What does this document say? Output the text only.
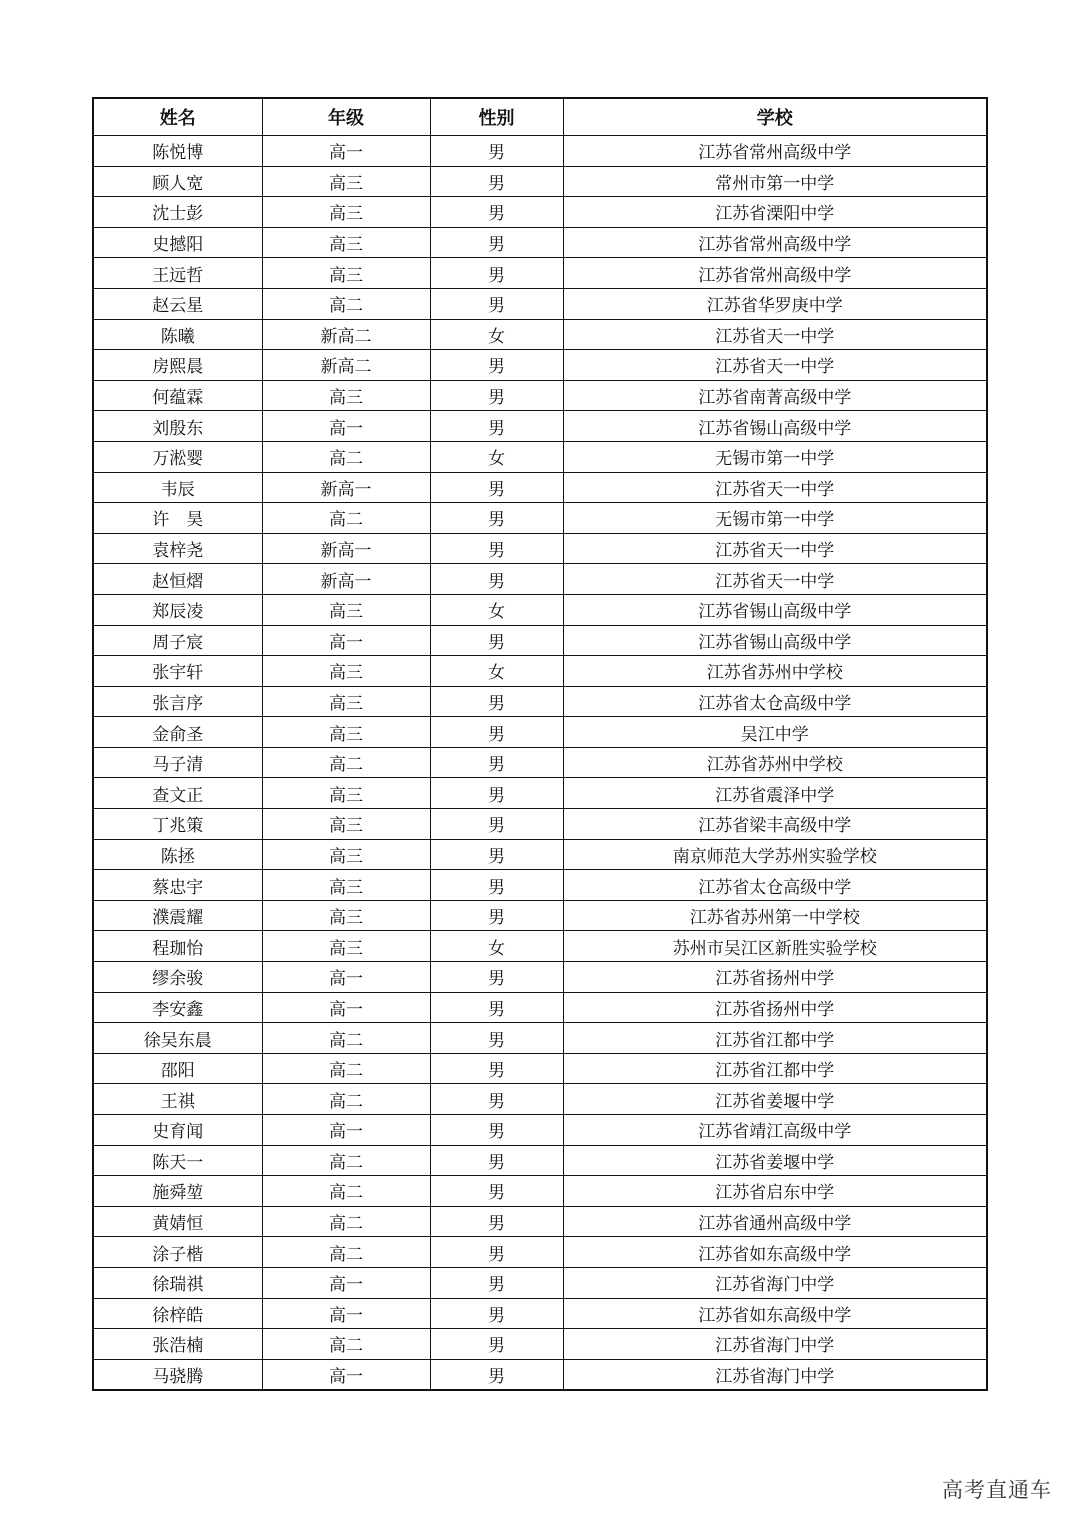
姓名	年级	性别	学校
陈悦博	高一	男	江苏省常州高级中学
顾人宽	高三	男	常州市第一中学
沈士彭	高三	男	江苏省溧阳中学
史撼阳	高三	男	江苏省常州高级中学
王远哲	高三	男	江苏省常州高级中学
赵云星	高二	男	江苏省华罗庚中学
陈曦	新高二	女	江苏省天一中学
房熙晨	新高二	男	江苏省天一中学
何蕴霖	高三	男	江苏省南菁高级中学
刘殷东	高一	男	江苏省锡山高级中学
万淞婴	高二	女	无锡市第一中学
韦辰	新高一	男	江苏省天一中学
许　昊	高二	男	无锡市第一中学
袁梓尧	新高一	男	江苏省天一中学
赵恒熠	新高一	男	江苏省天一中学
郑辰凌	高三	女	江苏省锡山高级中学
周子宸	高一	男	江苏省锡山高级中学
张宇轩	高三	女	江苏省苏州中学校
张言序	高三	男	江苏省太仓高级中学
金俞圣	高三	男	吴江中学
马子清	高二	男	江苏省苏州中学校
查文正	高三	男	江苏省震泽中学
丁兆策	高三	男	江苏省梁丰高级中学
陈拯	高三	男	南京师范大学苏州实验学校
蔡忠宇	高三	男	江苏省太仓高级中学
濮震耀	高三	男	江苏省苏州第一中学校
程珈怡	高三	女	苏州市吴江区新胜实验学校
缪余骏	高一	男	江苏省扬州中学
李安鑫	高一	男	江苏省扬州中学
徐吴东晨	高二	男	江苏省江都中学
邵阳	高二	男	江苏省江都中学
王祺	高二	男	江苏省姜堰中学
史育闻	高一	男	江苏省靖江高级中学
陈天一	高二	男	江苏省姜堰中学
施舜堃	高二	男	江苏省启东中学
黄婧恒	高二	男	江苏省通州高级中学
涂子楷	高二	男	江苏省如东高级中学
徐瑞祺	高一	男	江苏省海门中学
徐梓皓	高一	男	江苏省如东高级中学
张浩楠	高二	男	江苏省海门中学
马骁腾	高一	男	江苏省海门中学
高考直通车
